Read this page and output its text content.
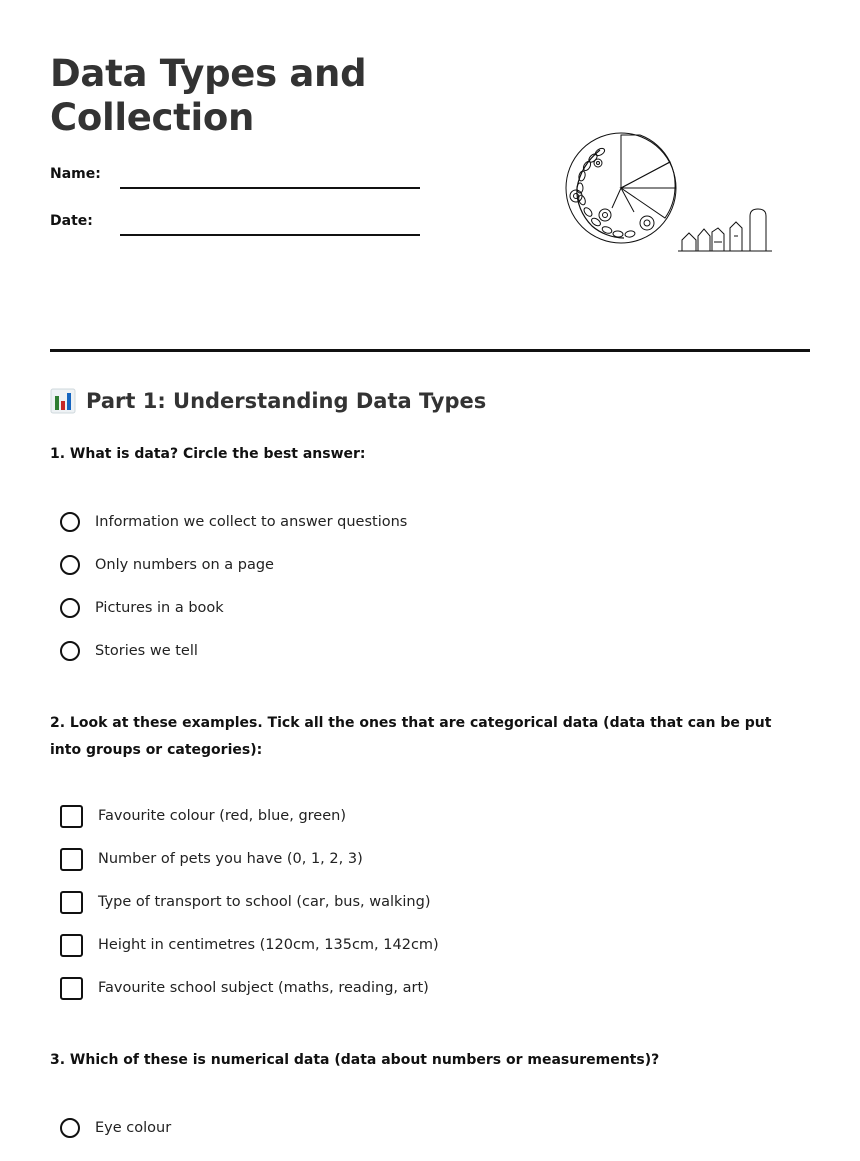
Data Types and Collection
Name:
Date:
Part 1: Understanding Data Types

1. What is data? Circle the best answer:

Information we collect to answer questions
Only numbers on a page
Pictures in a book
Stories we tell

2. Look at these examples. Tick all the ones that are categorical data (data that can be put into groups or categories):

Favourite colour (red, blue, green)
Number of pets you have (0, 1, 2, 3)
Type of transport to school (car, bus, walking)
Height in centimetres (120cm, 135cm, 142cm)
Favourite school subject (maths, reading, art)

3. Which of these is numerical data (data about numbers or measurements)?

Eye colour
